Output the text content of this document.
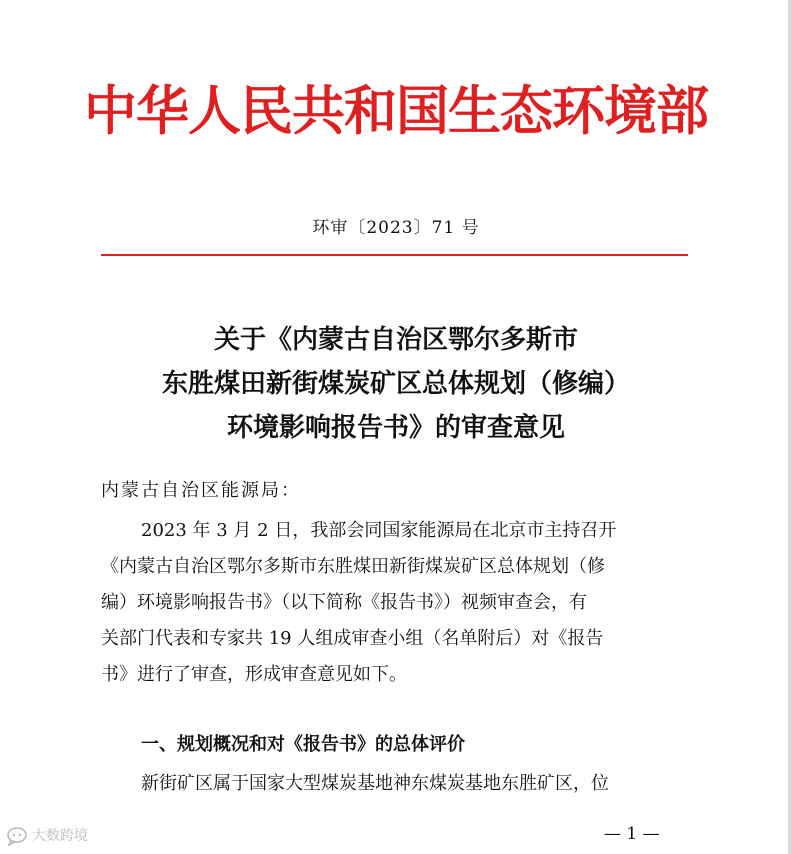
中华人民共和国生态环境部
环审〔2023〕71 号
关于《内蒙古自治区鄂尔多斯市
东胜煤田新街煤炭矿区总体规划（修编）
环境影响报告书》的审查意见
内蒙古自治区能源局：
2023 年 3 月 2 日，我部会同国家能源局在北京市主持召开
《内蒙古自治区鄂尔多斯市东胜煤田新街煤炭矿区总体规划（修
编）环境影响报告书》（以下简称《报告书》）视频审查会，有
关部门代表和专家共 19 人组成审查小组（名单附后）对《报告
书》进行了审查，形成审查意见如下。
一、规划概况和对《报告书》的总体评价
新街矿区属于国家大型煤炭基地神东煤炭基地东胜矿区，位
— 1 —
大数跨境
